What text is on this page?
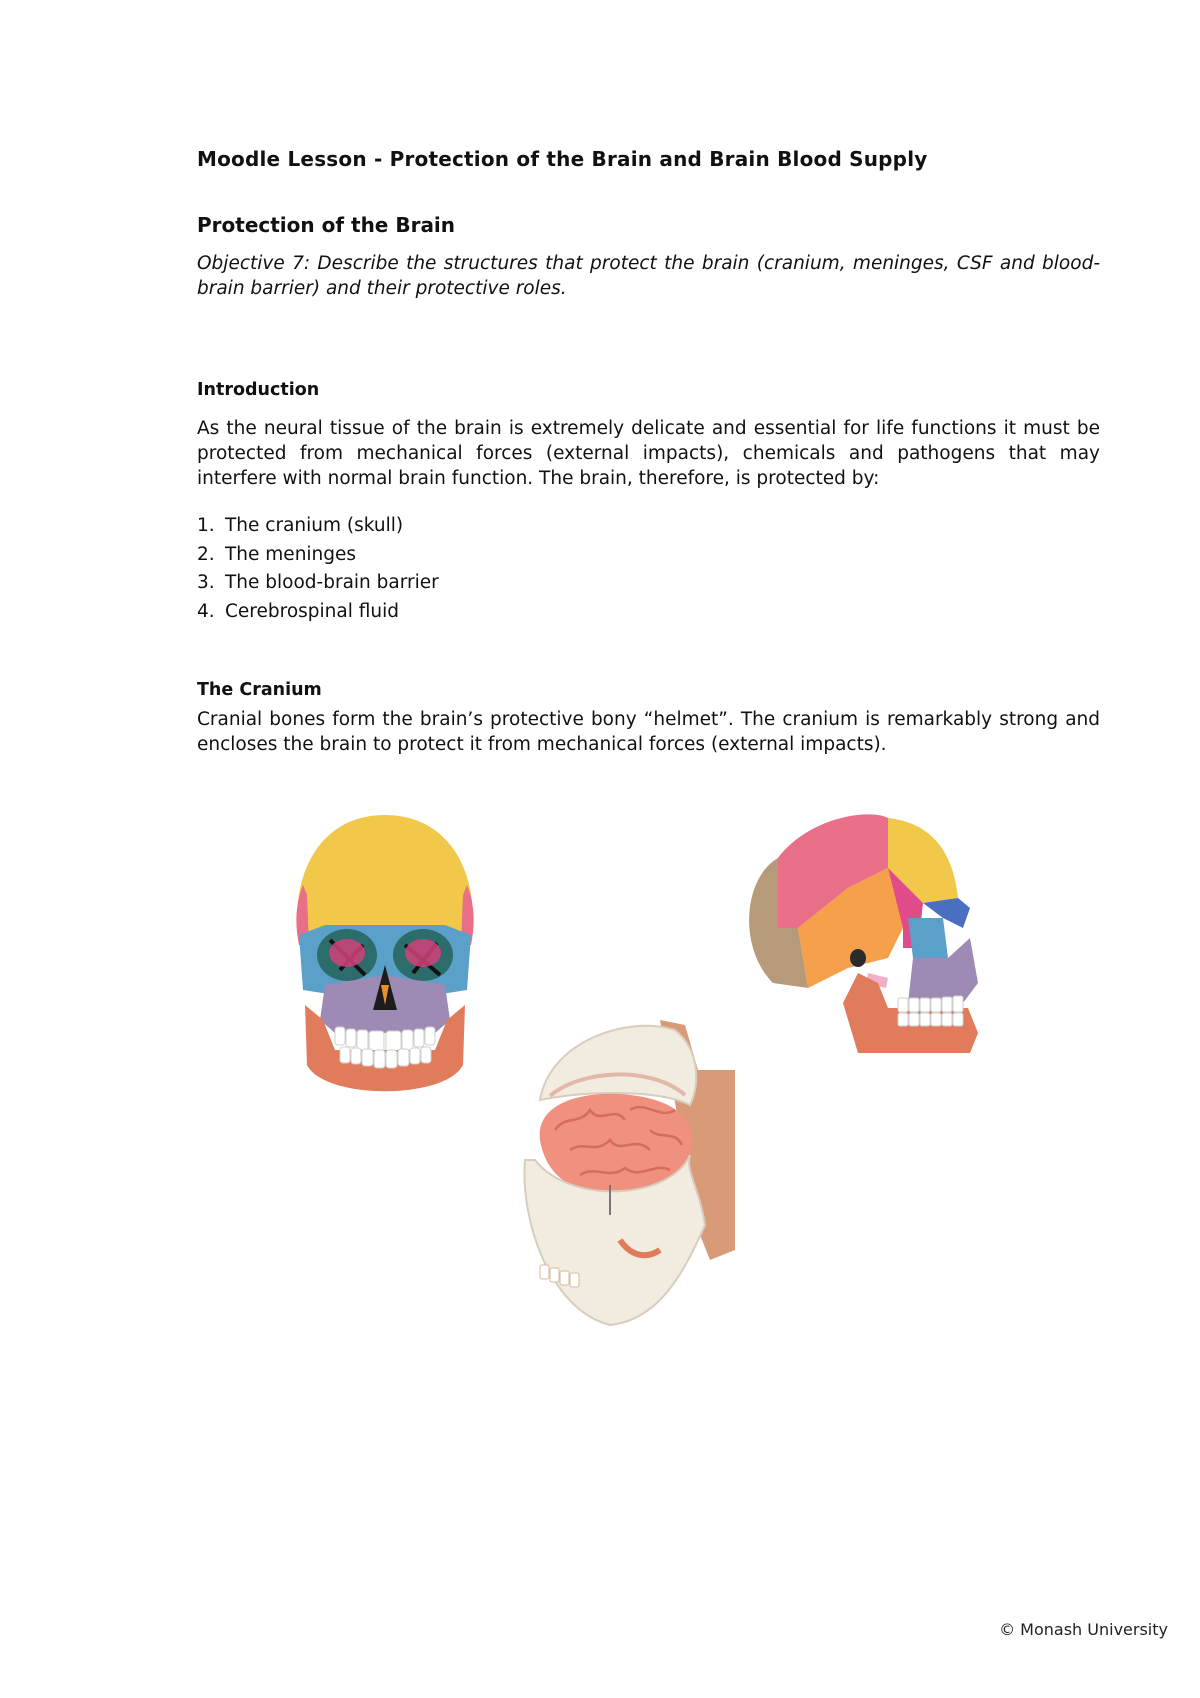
Moodle Lesson - Protection of the Brain and Brain Blood Supply
Protection of the Brain
Objective 7: Describe the structures that protect the brain (cranium, meninges, CSF and blood-brain barrier) and their protective roles.
Introduction
As the neural tissue of the brain is extremely delicate and essential for life functions it must be protected from mechanical forces (external impacts), chemicals and pathogens that may interfere with normal brain function. The brain, therefore, is protected by:
1. The cranium (skull)
2. The meninges
3. The blood-brain barrier
4. Cerebrospinal fluid
The Cranium
Cranial bones form the brain’s protective bony “helmet”. The cranium is remarkably strong and encloses the brain to protect it from mechanical forces (external impacts).
© Monash University
